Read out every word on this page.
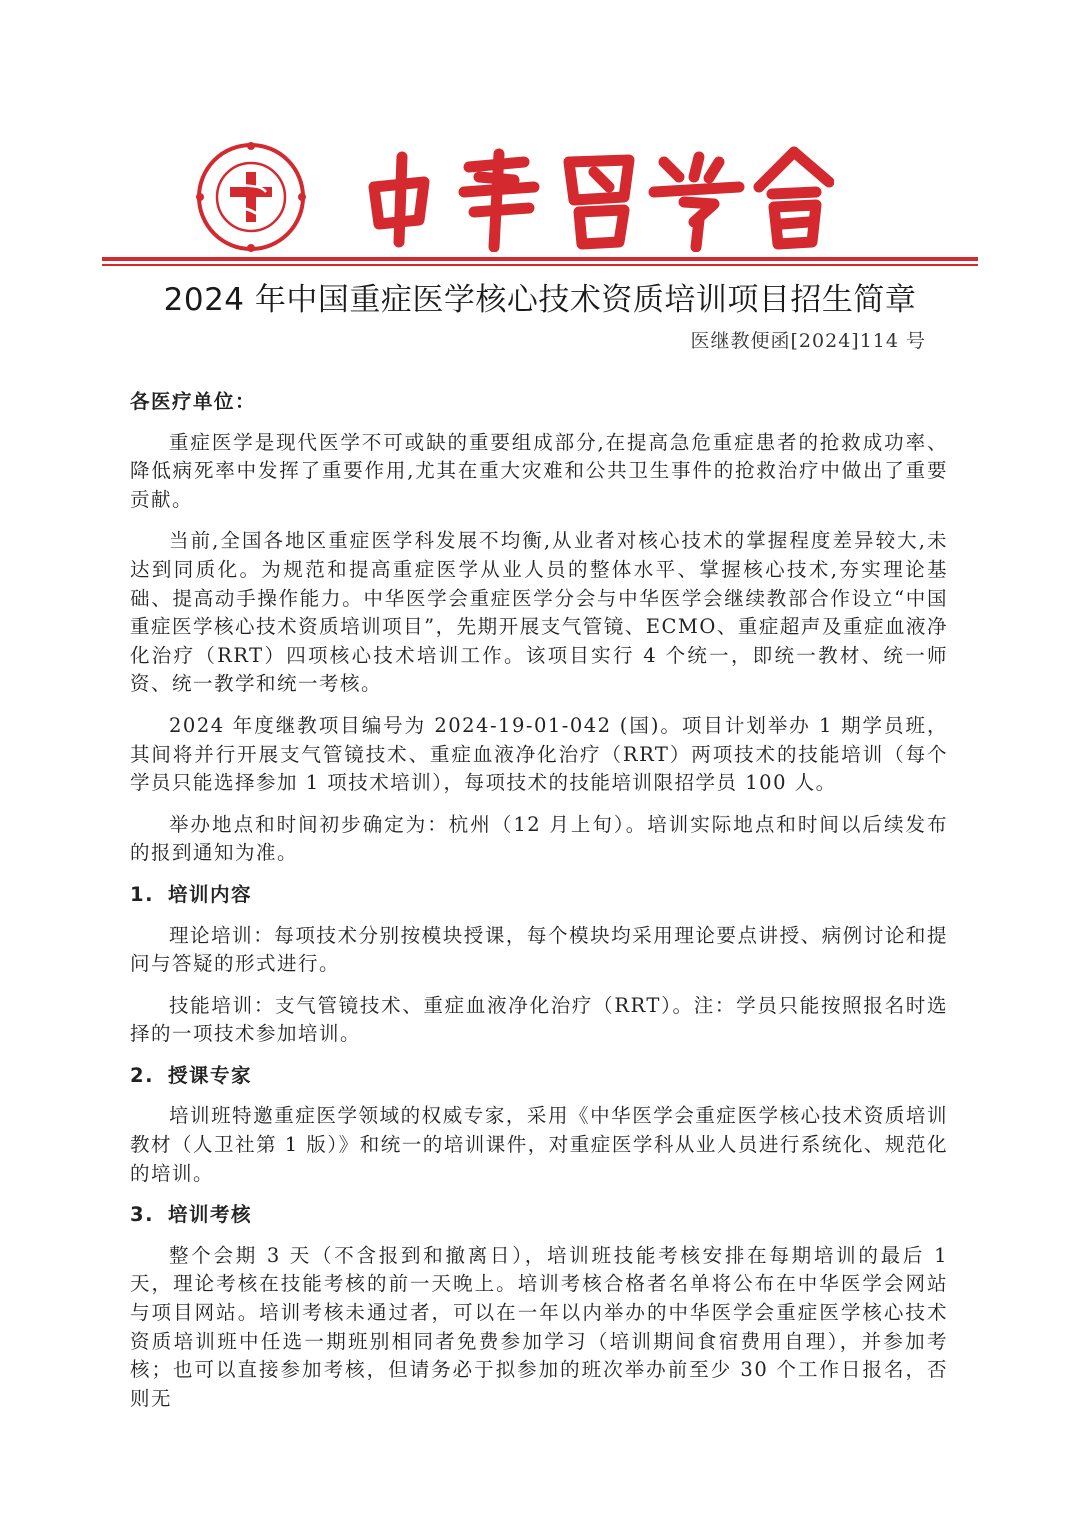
2024 年中国重症医学核心技术资质培训项目招生简章
医继教便函[2024]114 号

各医疗单位：

重症医学是现代医学不可或缺的重要组成部分,在提高急危重症患者的抢救成功率、降低病死率中发挥了重要作用,尤其在重大灾难和公共卫生事件的抢救治疗中做出了重要贡献。

当前,全国各地区重症医学科发展不均衡,从业者对核心技术的掌握程度差异较大,未达到同质化。为规范和提高重症医学从业人员的整体水平、掌握核心技术,夯实理论基础、提高动手操作能力。中华医学会重症医学分会与中华医学会继续教部合作设立“中国重症医学核心技术资质培训项目”，先期开展支气管镜、ECMO、重症超声及重症血液净化治疗（RRT）四项核心技术培训工作。该项目实行 4 个统一，即统一教材、统一师资、统一教学和统一考核。

2024 年度继教项目编号为 2024-19-01-042 (国)。项目计划举办 1 期学员班，其间将并行开展支气管镜技术、重症血液净化治疗（RRT）两项技术的技能培训（每个学员只能选择参加 1 项技术培训），每项技术的技能培训限招学员 100 人。

举办地点和时间初步确定为：杭州（12 月上旬）。培训实际地点和时间以后续发布的报到通知为准。

1. 培训内容

理论培训：每项技术分别按模块授课，每个模块均采用理论要点讲授、病例讨论和提问与答疑的形式进行。

技能培训：支气管镜技术、重症血液净化治疗（RRT）。注：学员只能按照报名时选择的一项技术参加培训。

2. 授课专家

培训班特邀重症医学领域的权威专家，采用《中华医学会重症医学核心技术资质培训教材（人卫社第 1 版）》和统一的培训课件，对重症医学科从业人员进行系统化、规范化的培训。

3. 培训考核

整个会期 3 天（不含报到和撤离日），培训班技能考核安排在每期培训的最后 1 天，理论考核在技能考核的前一天晚上。培训考核合格者名单将公布在中华医学会网站与项目网站。培训考核未通过者，可以在一年以内举办的中华医学会重症医学核心技术资质培训班中任选一期班别相同者免费参加学习（培训期间食宿费用自理），并参加考核；也可以直接参加考核，但请务必于拟参加的班次举办前至少 30 个工作日报名，否则无
